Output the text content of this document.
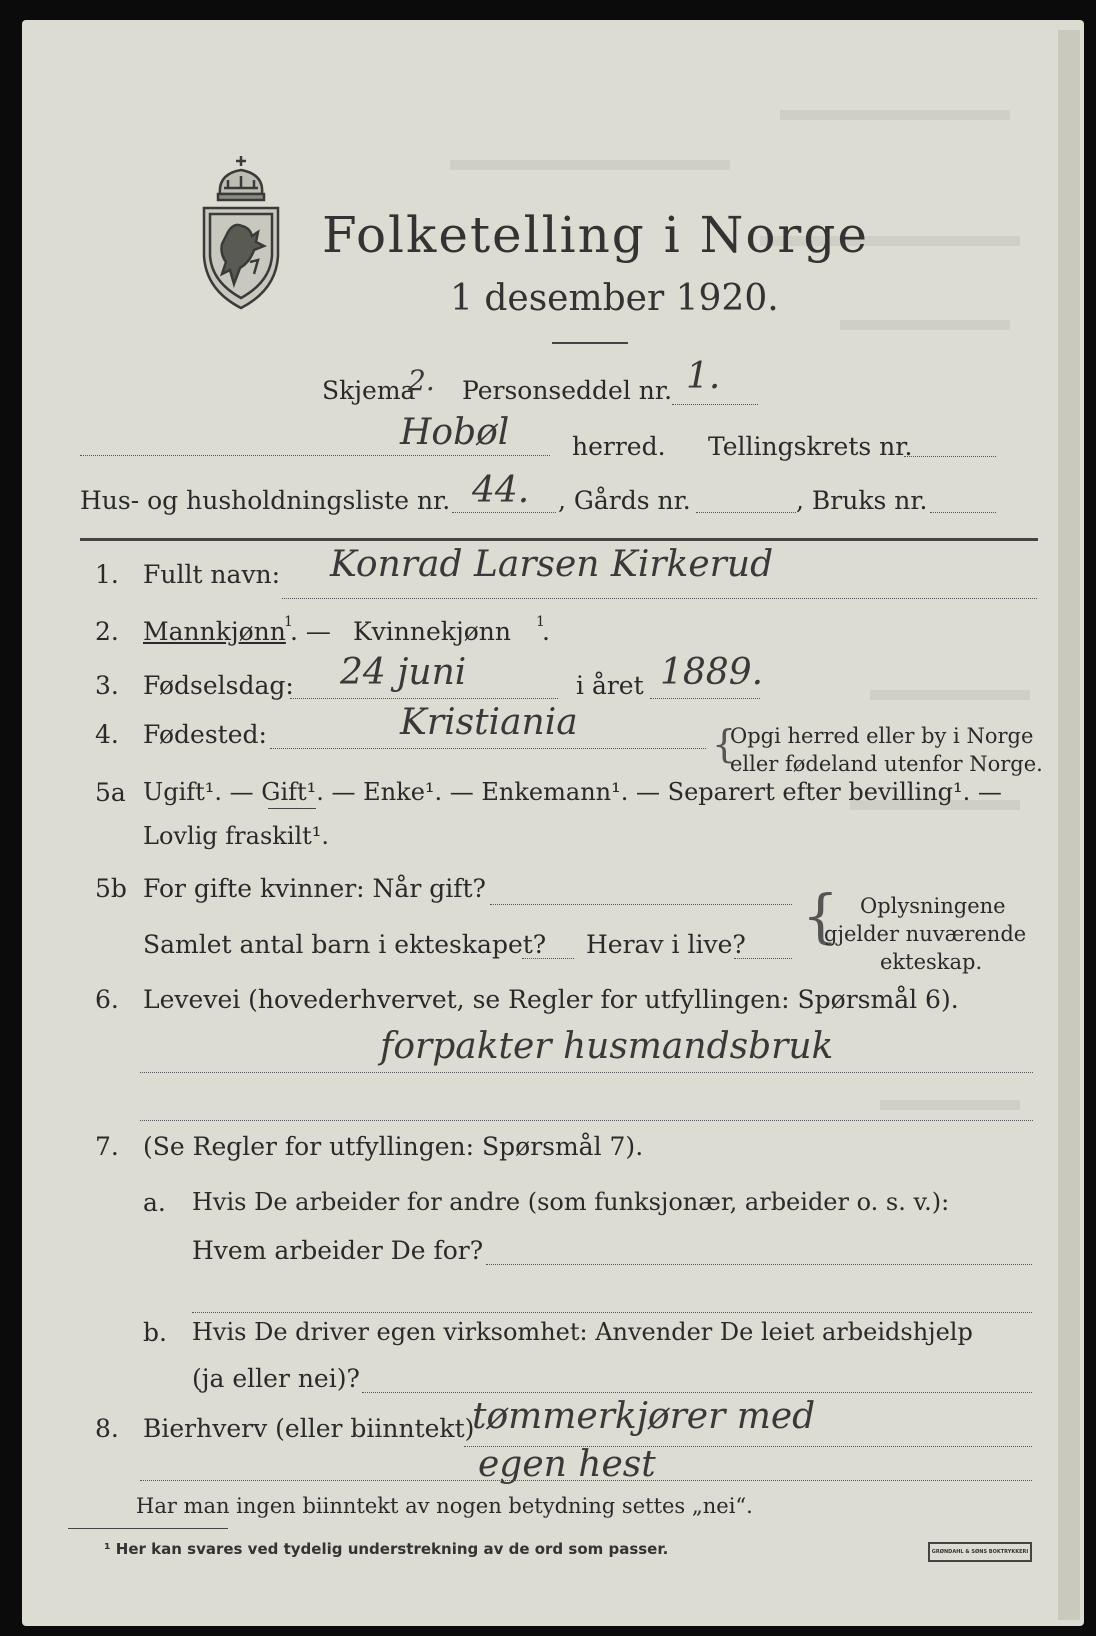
Folketelling i Norge
1 desember 1920.
Skjema
2. Personseddel nr. 1.
Hobøl	herred. Tellingskrets nr.
Hus- og husholdningsliste nr. 44. , Gårds nr.	, Bruks nr.
1. Fullt navn: Konrad Larsen Kirkerud
2. Mannkjønn
1
. — Kvinnekjønn 1
.
3. Fødselsdag: 24 juni	i året 1889.
4. Fødested:	Kristiania	{
Opgi herred eller by i Norge
eller fødeland utenfor Norge.
5a Ugift¹. — Gift¹. — Enke¹. — Enkemann¹. — Separert efter bevilling¹. —
Lovlig fraskilt¹.
5b For gifte kvinner: Når gift?
Samlet antal barn i ekteskapet? Herav i live? { Oplysningene
gjelder nuværende
ekteskap.
6. Levevei (hovederhvervet, se Regler for utfyllingen: Spørsmål 6).
forpakter husmandsbruk
7. (Se Regler for utfyllingen: Spørsmål 7).
a. Hvis De arbeider for andre (som funksjonær, arbeider o. s. v.):
Hvem arbeider De for?
b. Hvis De driver egen virksomhet: Anvender De leiet arbeidshjelp
(ja eller nei)?
8. Bierhverv (eller biinntekt)
tømmerkjører med
egen hest
Har man ingen biinntekt av nogen betydning settes „nei“.
¹ Her kan svares ved tydelig understrekning av de ord som passer.	GRØNDAHL & SØNS BOKTRYKKERI
